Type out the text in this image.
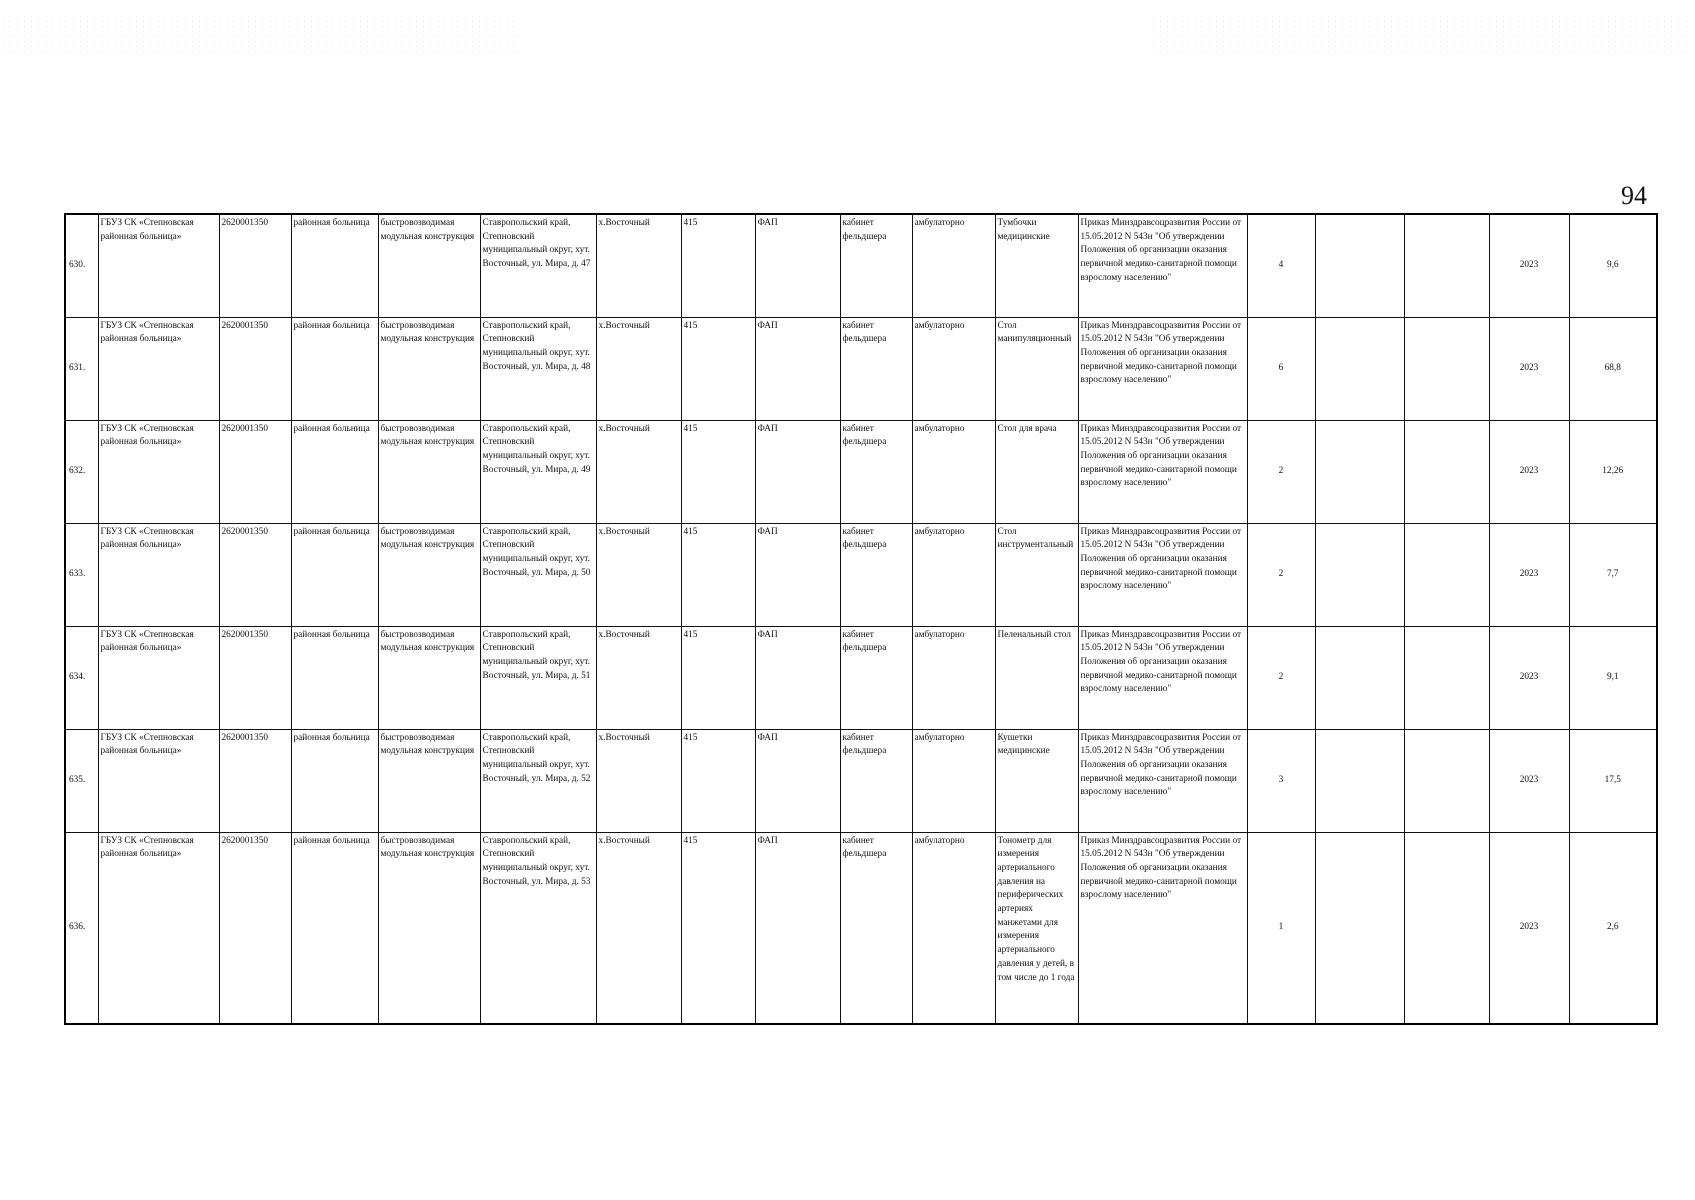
94
630.	ГБУЗ СК «Степновская районная больница»	2620001350	районная больница	быстровозводимая модульная конструкция	Ставропольский край, Степновский муниципальный округ, хут. Восточный, ул. Мира, д. 47	х.Восточный	415	ФАП	кабинет фельдшера	амбулаторно	Тумбочки медицинские	Приказ Минздравсоцразвития России от 15.05.2012 N 543н "Об утверждении Положения об организации оказания первичной медико-санитарной помощи взрослому населению"	4			2023	9,6
631.	ГБУЗ СК «Степновская районная больница»	2620001350	районная больница	быстровозводимая модульная конструкция	Ставропольский край, Степновский муниципальный округ, хут. Восточный, ул. Мира, д. 48	х.Восточный	415	ФАП	кабинет фельдшера	амбулаторно	Стол манипуляционный	Приказ Минздравсоцразвития России от 15.05.2012 N 543н "Об утверждении Положения об организации оказания первичной медико-санитарной помощи взрослому населению"	6			2023	68,8
632.	ГБУЗ СК «Степновская районная больница»	2620001350	районная больница	быстровозводимая модульная конструкция	Ставропольский край, Степновский муниципальный округ, хут. Восточный, ул. Мира, д. 49	х.Восточный	415	ФАП	кабинет фельдшера	амбулаторно	Стол для врача	Приказ Минздравсоцразвития России от 15.05.2012 N 543н "Об утверждении Положения об организации оказания первичной медико-санитарной помощи взрослому населению"	2			2023	12,26
633.	ГБУЗ СК «Степновская районная больница»	2620001350	районная больница	быстровозводимая модульная конструкция	Ставропольский край, Степновский муниципальный округ, хут. Восточный, ул. Мира, д. 50	х.Восточный	415	ФАП	кабинет фельдшера	амбулаторно	Стол инструментальный	Приказ Минздравсоцразвития России от 15.05.2012 N 543н "Об утверждении Положения об организации оказания первичной медико-санитарной помощи взрослому населению"	2			2023	7,7
634.	ГБУЗ СК «Степновская районная больница»	2620001350	районная больница	быстровозводимая модульная конструкция	Ставропольский край, Степновский муниципальный округ, хут. Восточный, ул. Мира, д. 51	х.Восточный	415	ФАП	кабинет фельдшера	амбулаторно	Пеленальный стол	Приказ Минздравсоцразвития России от 15.05.2012 N 543н "Об утверждении Положения об организации оказания первичной медико-санитарной помощи взрослому населению"	2			2023	9,1
635.	ГБУЗ СК «Степновская районная больница»	2620001350	районная больница	быстровозводимая модульная конструкция	Ставропольский край, Степновский муниципальный округ, хут. Восточный, ул. Мира, д. 52	х.Восточный	415	ФАП	кабинет фельдшера	амбулаторно	Кушетки медицинские	Приказ Минздравсоцразвития России от 15.05.2012 N 543н "Об утверждении Положения об организации оказания первичной медико-санитарной помощи взрослому населению"	3			2023	17,5
636.	ГБУЗ СК «Степновская районная больница»	2620001350	районная больница	быстровозводимая модульная конструкция	Ставропольский край, Степновский муниципальный округ, хут. Восточный, ул. Мира, д. 53	х.Восточный	415	ФАП	кабинет фельдшера	амбулаторно	Тонометр для измерения артериального давления на периферических артериях манжетами для измерения артериального давления у детей, в том числе до 1 года	Приказ Минздравсоцразвития России от 15.05.2012 N 543н "Об утверждении Положения об организации оказания первичной медико-санитарной помощи взрослому населению"	1			2023	2,6
